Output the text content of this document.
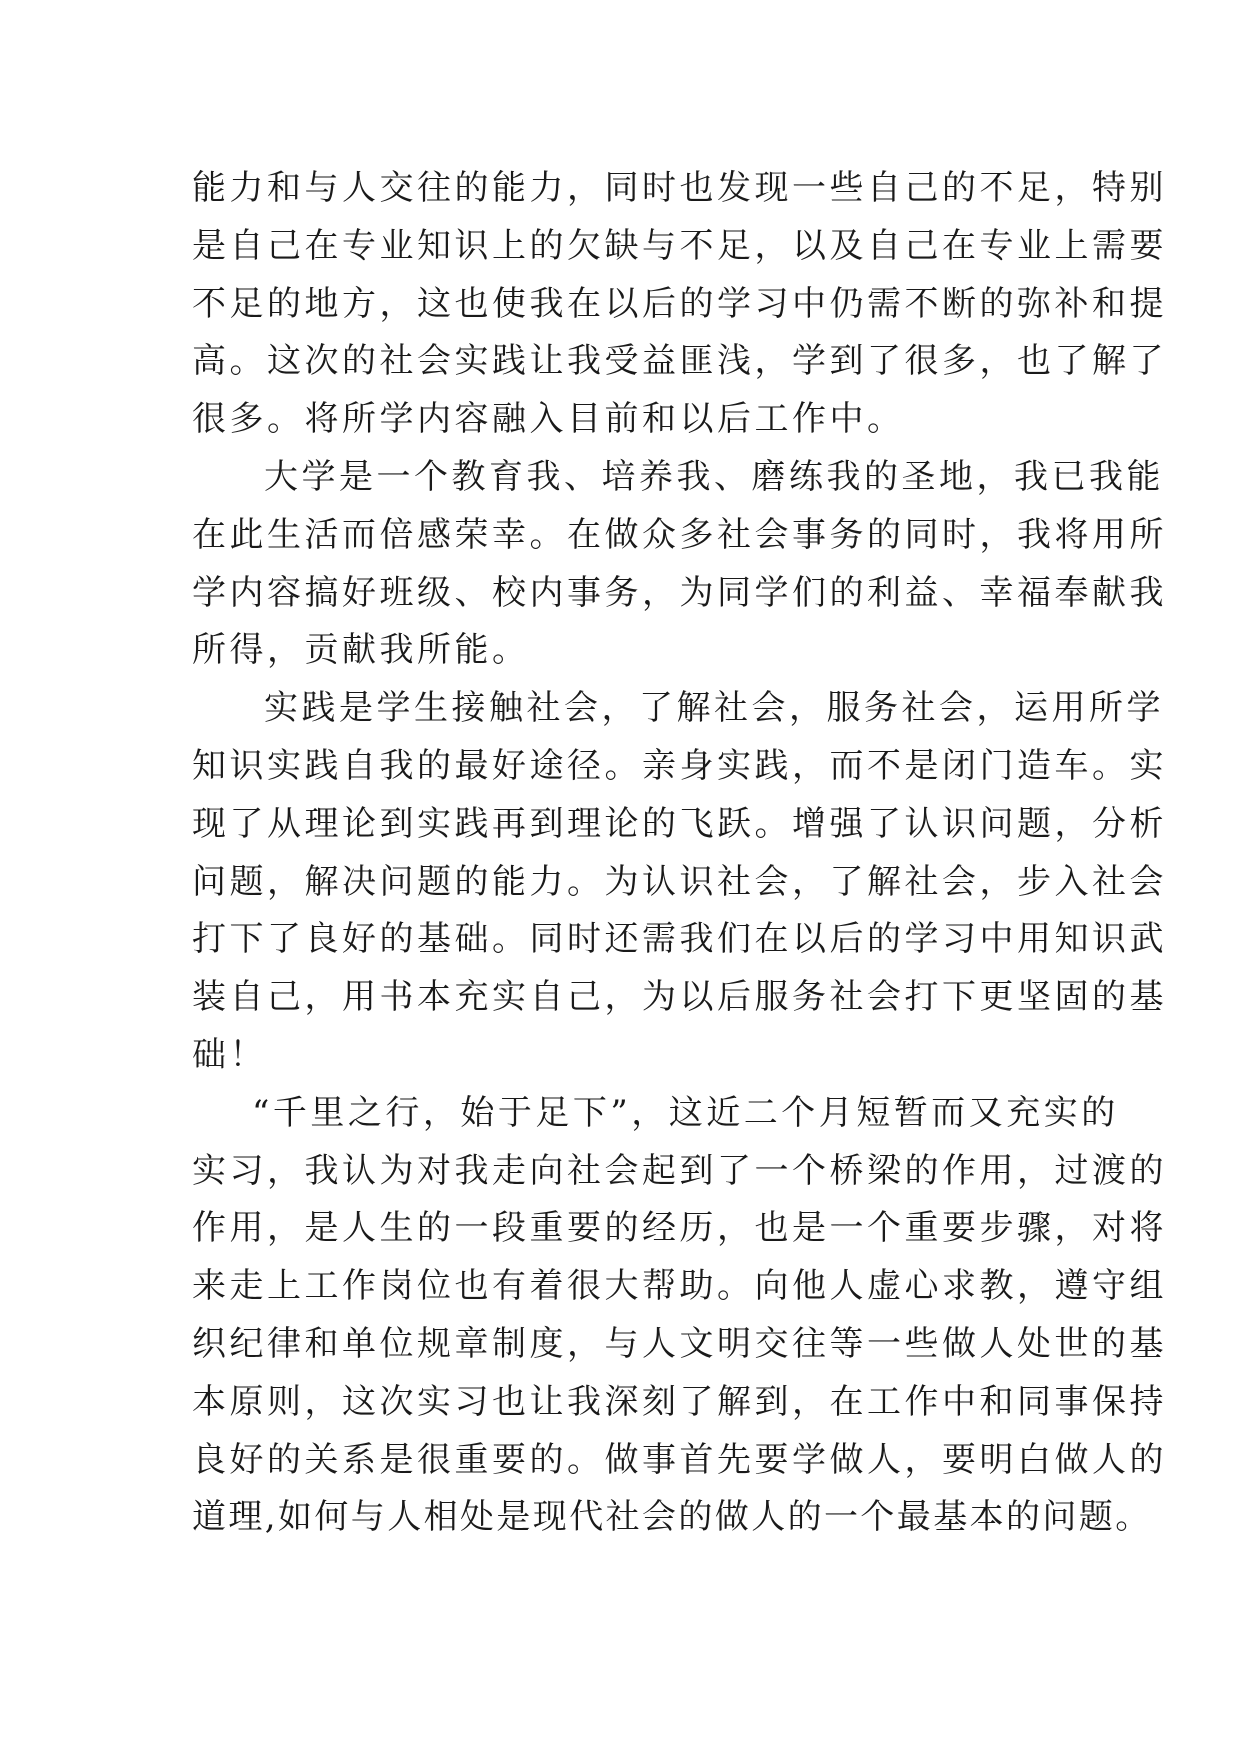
能力和与人交往的能力，同时也发现一些自己的不足，特别
是自己在专业知识上的欠缺与不足，以及自己在专业上需要
不足的地方，这也使我在以后的学习中仍需不断的弥补和提
高。这次的社会实践让我受益匪浅，学到了很多，也了解了
很多。将所学内容融入目前和以后工作中。
大学是一个教育我、培养我、磨练我的圣地，我已我能
在此生活而倍感荣幸。在做众多社会事务的同时，我将用所
学内容搞好班级、校内事务，为同学们的利益、幸福奉献我
所得，贡献我所能。
实践是学生接触社会，了解社会，服务社会，运用所学
知识实践自我的最好途径。亲身实践，而不是闭门造车。实
现了从理论到实践再到理论的飞跃。增强了认识问题，分析
问题，解决问题的能力。为认识社会，了解社会，步入社会
打下了良好的基础。同时还需我们在以后的学习中用知识武
装自己，用书本充实自己，为以后服务社会打下更坚固的基
础！
“千里之行，始于足下”，这近二个月短暂而又充实的
实习，我认为对我走向社会起到了一个桥梁的作用，过渡的
作用，是人生的一段重要的经历，也是一个重要步骤，对将
来走上工作岗位也有着很大帮助。向他人虚心求教，遵守组
织纪律和单位规章制度，与人文明交往等一些做人处世的基
本原则，这次实习也让我深刻了解到，在工作中和同事保持
良好的关系是很重要的。做事首先要学做人，要明白做人的
道理,如何与人相处是现代社会的做人的一个最基本的问题。
